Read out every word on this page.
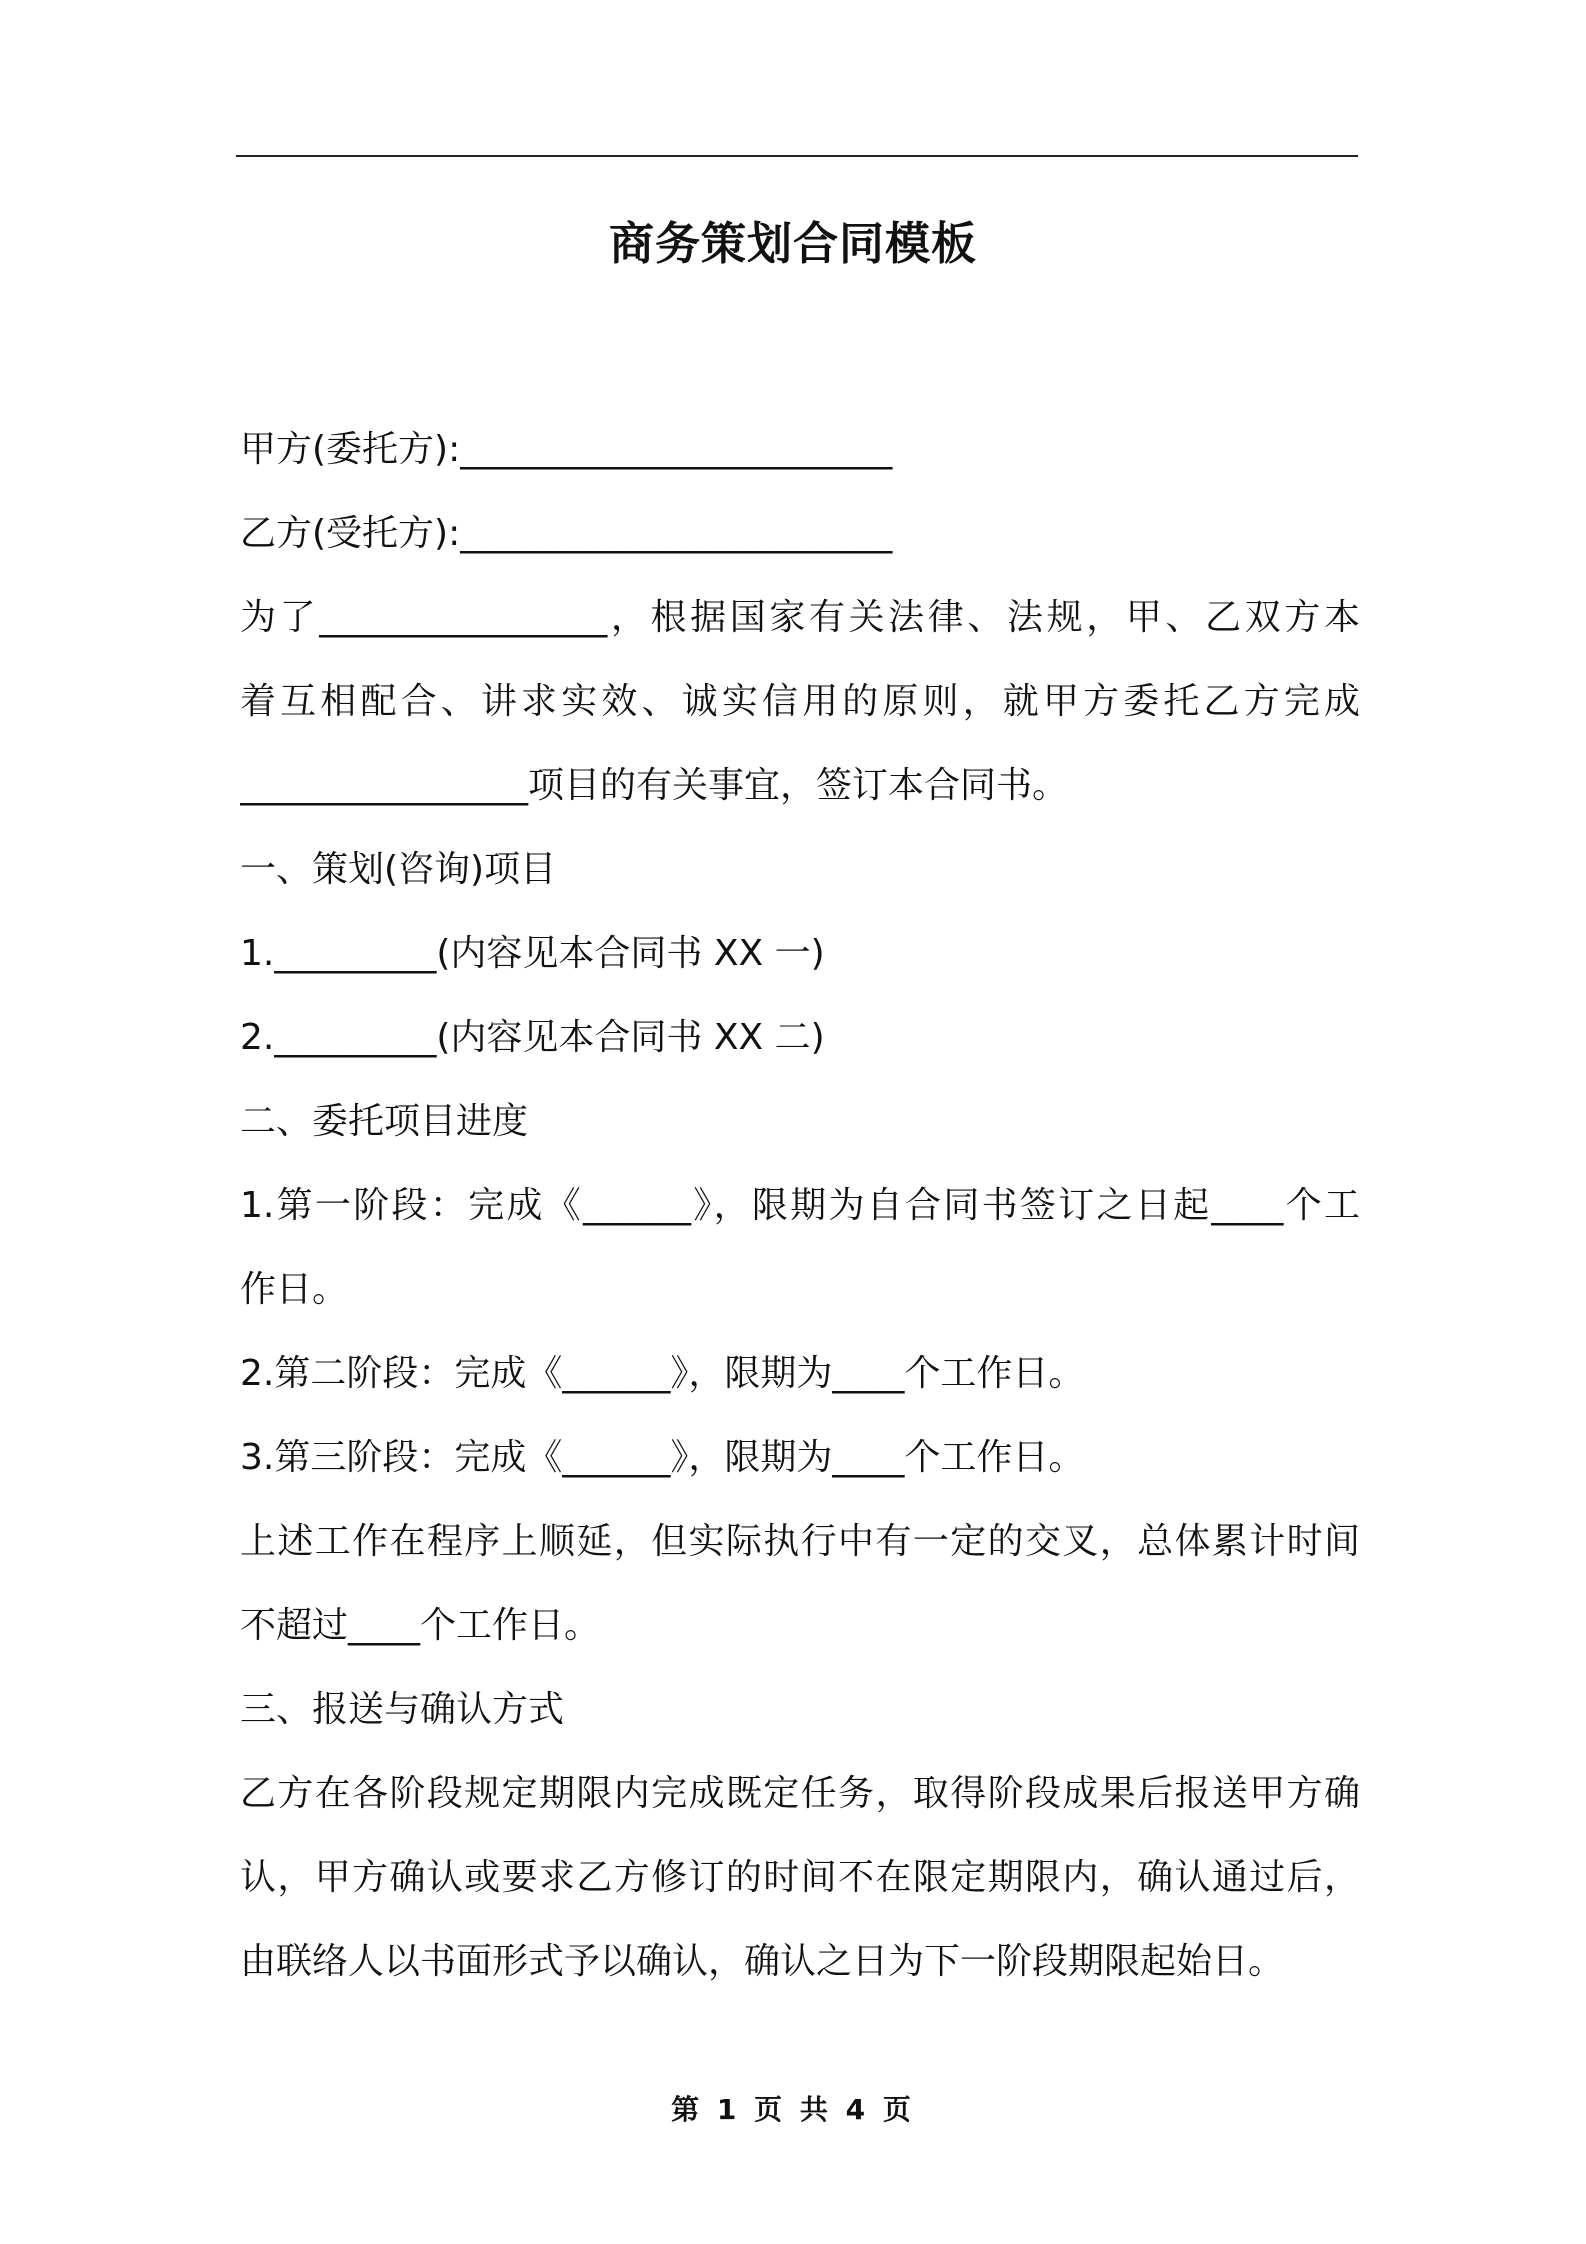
商务策划合同模板
甲方(委托方):________________________
乙方(受托方):________________________
为了________________，根据国家有关法律、法规，甲、乙双方本
着互相配合、讲求实效、诚实信用的原则，就甲方委托乙方完成
________________项目的有关事宜，签订本合同书。
一、策划(咨询)项目
1._________(内容见本合同书 XX 一)
2._________(内容见本合同书 XX 二)
二、委托项目进度
1.第一阶段：完成《______》，限期为自合同书签订之日起____个工
作日。
2.第二阶段：完成《______》，限期为____个工作日。
3.第三阶段：完成《______》，限期为____个工作日。
上述工作在程序上顺延，但实际执行中有一定的交叉，总体累计时间
不超过____个工作日。
三、报送与确认方式
乙方在各阶段规定期限内完成既定任务，取得阶段成果后报送甲方确
认，甲方确认或要求乙方修订的时间不在限定期限内，确认通过后，
由联络人以书面形式予以确认，确认之日为下一阶段期限起始日。
第 1 页 共 4 页
